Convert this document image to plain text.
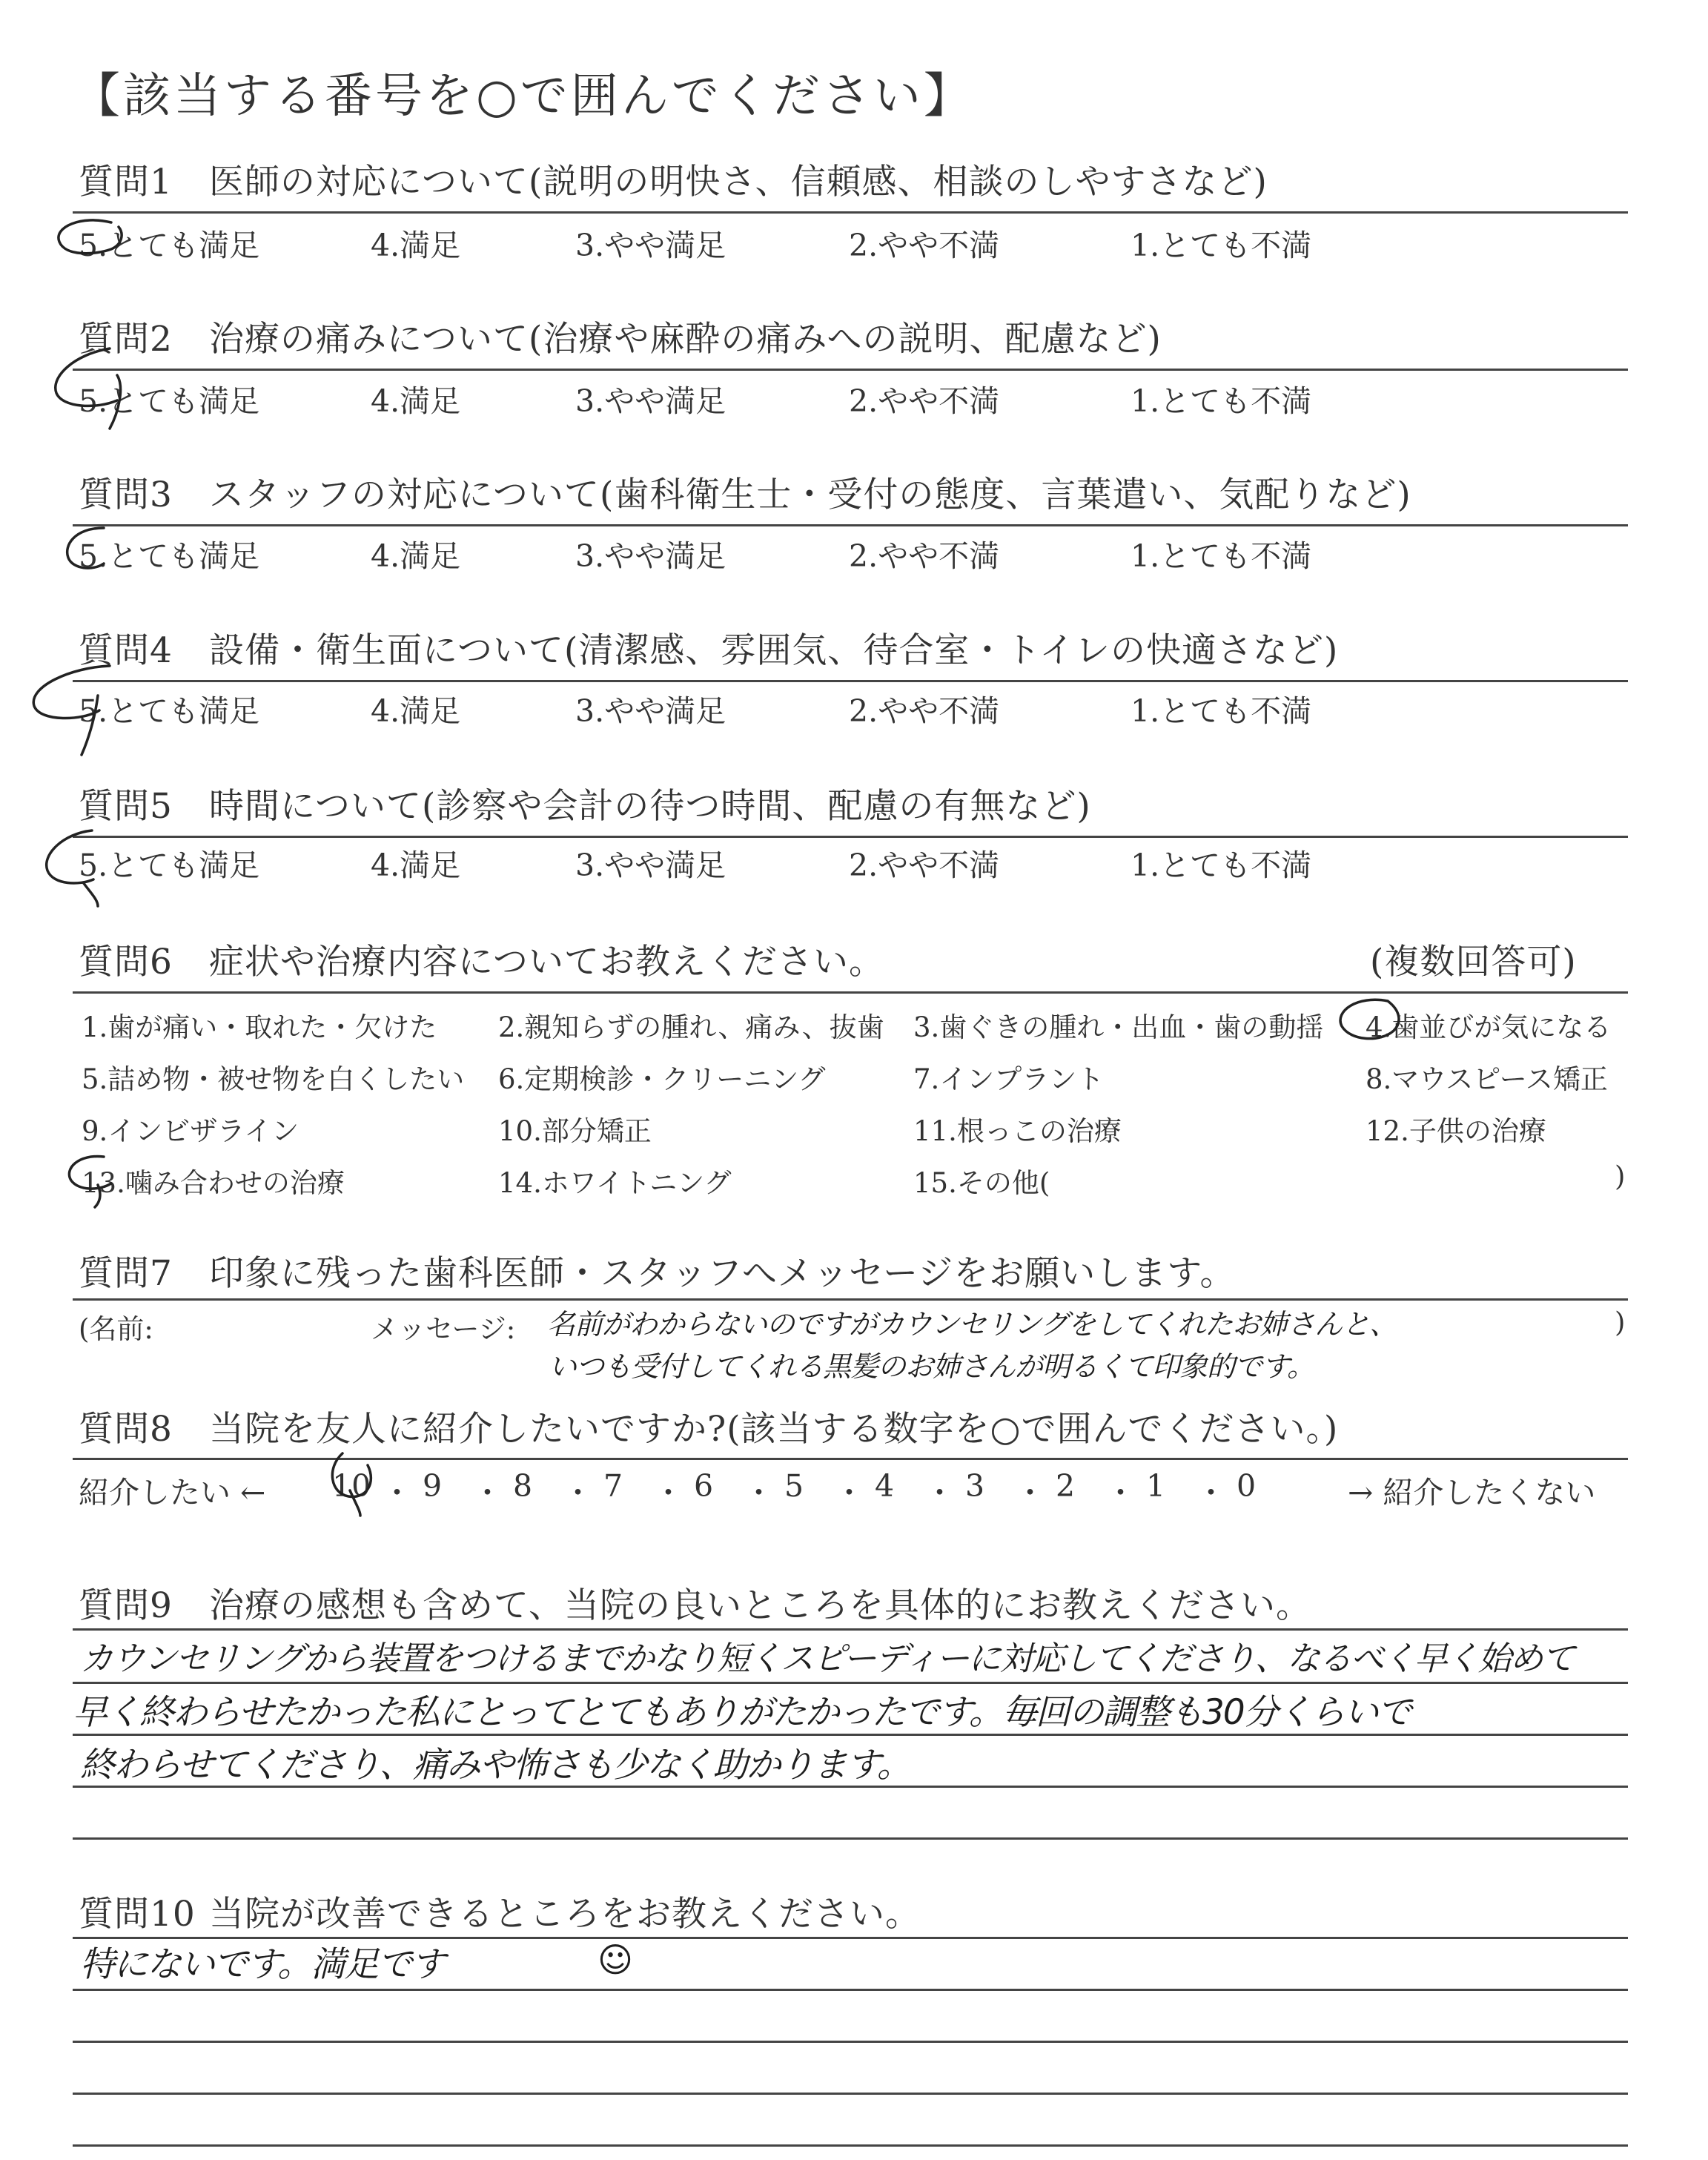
【該当する番号を○で囲んでください】
質問1 医師の対応について(説明の明快さ、信頼感、相談のしやすさなど)
5.とても満足	4.満足	3.やや満足	2.やや不満	1.とても不満
質問2 治療の痛みについて(治療や麻酔の痛みへの説明、配慮など)
5.とても満足	4.満足	3.やや満足	2.やや不満	1.とても不満
質問3 スタッフの対応について(歯科衛生士・受付の態度、言葉遣い、気配りなど)
5.とても満足	4.満足	3.やや満足	2.やや不満	1.とても不満
質問4 設備・衛生面について(清潔感、雰囲気、待合室・トイレの快適さなど)
5.とても満足	4.満足	3.やや満足	2.やや不満	1.とても不満
質問5 時間について(診察や会計の待つ時間、配慮の有無など)
5.とても満足	4.満足	3.やや満足	2.やや不満	1.とても不満
質問6 症状や治療内容についてお教えください。	(複数回答可)
1.歯が痛い・取れた・欠けた 2.親知らずの腫れ、痛み、抜歯 3.歯ぐきの腫れ・出血・歯の動揺 4.歯並びが気になる
5.詰め物・被せ物を白くしたい 6.定期検診・クリーニング	7.インプラント	8.マウスピース矯正
9.インビザライン	10.部分矯正	11.根っこの治療	12.子供の治療
13.噛み合わせの治療	14.ホワイトニング	15.その他(	)
質問7 印象に残った歯科医師・スタッフへメッセージをお願いします。
(名前:	メッセージ: 名前がわからないのですがカウンセリングをしてくれたお姉さんと、
いつも受付してくれる黒髪のお姉さんが明るくて印象的です。
)
質問8 当院を友人に紹介したいですか?(該当する数字を○で囲んでください。)
紹介したい ←	→ 紹介したくない
10 ・ 9 ・ 8 ・ 7 ・ 6 ・ 5 ・ 4 ・ 3 ・ 2 ・ 1 ・ 0
質問9 治療の感想も含めて、当院の良いところを具体的にお教えください。
カウンセリングから装置をつけるまでかなり短くスピーディーに対応してくださり、なるべく早く始めて
早く終わらせたかった私にとってとてもありがたかったです。毎回の調整も30分くらいで
終わらせてくださり、痛みや怖さも少なく助かります。
質問10 当院が改善できるところをお教えください。
特にないです。満足です	☺
